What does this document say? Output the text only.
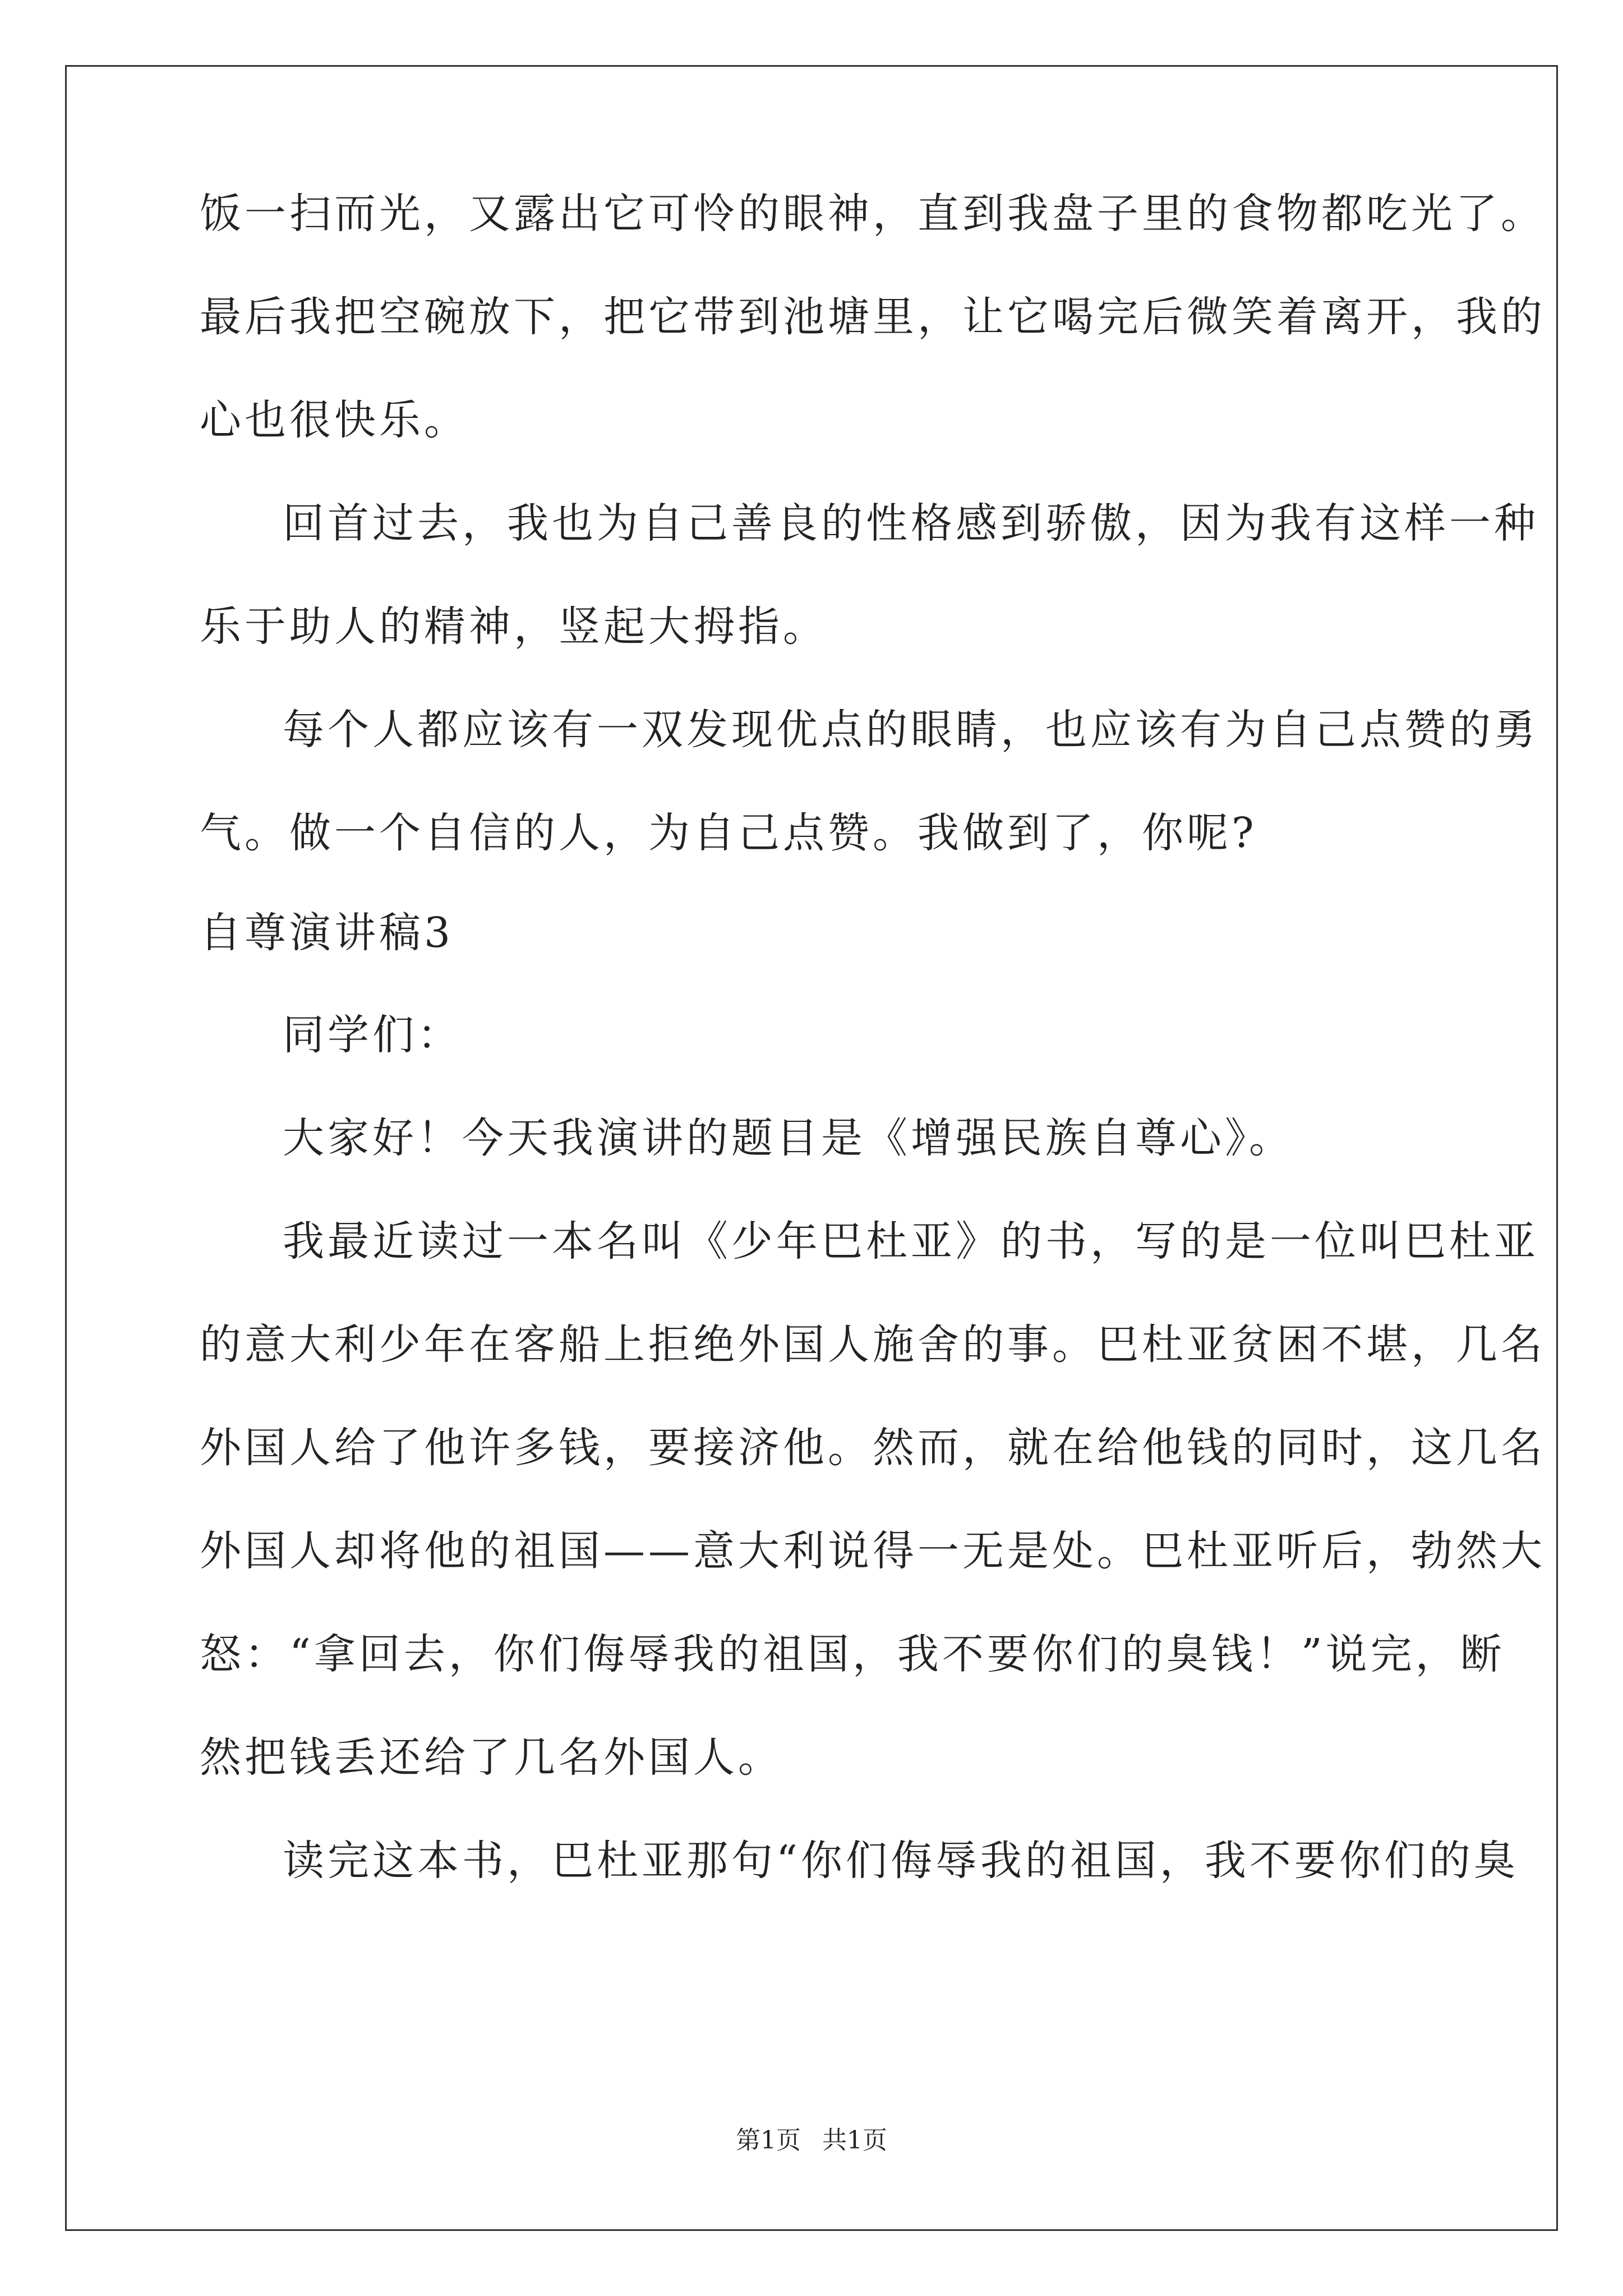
饭一扫而光，又露出它可怜的眼神，直到我盘子里的食物都吃光了。
最后我把空碗放下，把它带到池塘里，让它喝完后微笑着离开，我的
心也很快乐。
回首过去，我也为自己善良的性格感到骄傲，因为我有这样一种
乐于助人的精神，竖起大拇指。
每个人都应该有一双发现优点的眼睛，也应该有为自己点赞的勇
气。做一个自信的人，为自己点赞。我做到了，你呢?
自尊演讲稿3
同学们：
大家好！今天我演讲的题目是《增强民族自尊心》。
我最近读过一本名叫《少年巴杜亚》的书，写的是一位叫巴杜亚
的意大利少年在客船上拒绝外国人施舍的事。巴杜亚贫困不堪，几名
外国人给了他许多钱，要接济他。然而，就在给他钱的同时，这几名
外国人却将他的祖国——意大利说得一无是处。巴杜亚听后，勃然大
怒：“拿回去，你们侮辱我的祖国，我不要你们的臭钱！”说完，断
然把钱丢还给了几名外国人。
读完这本书，巴杜亚那句“你们侮辱我的祖国，我不要你们的臭
第1页 共1页
